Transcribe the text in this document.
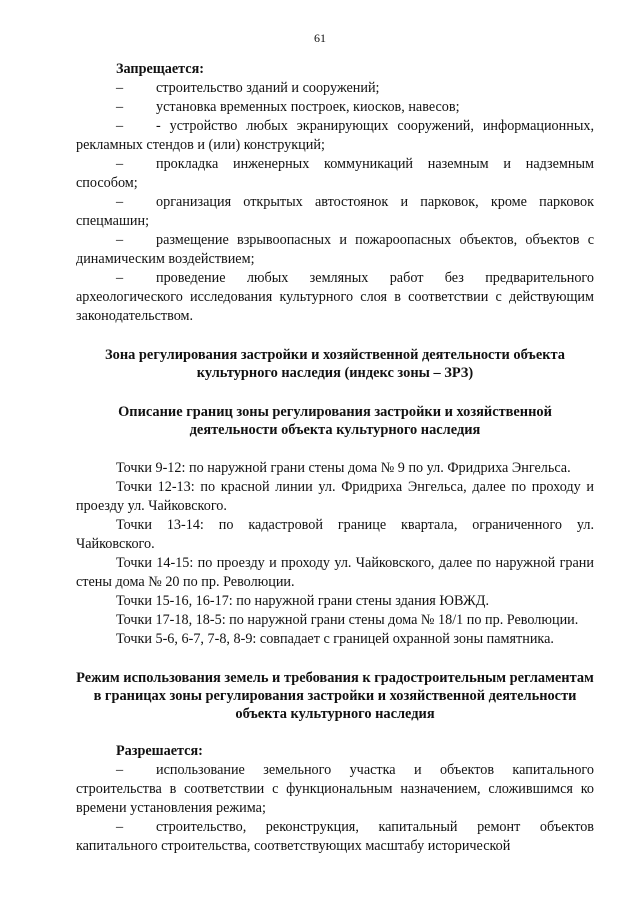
61

Запрещается:

– строительство зданий и сооружений;

– установка временных построек, киосков, навесов;

– - устройство любых экранирующих сооружений, информационных, рекламных стендов и (или) конструкций;

– прокладка инженерных коммуникаций наземным и надземным способом;

– организация открытых автостоянок и парковок, кроме парковок спецмашин;

– размещение взрывоопасных и пожароопасных объектов, объектов с динамическим воздействием;

– проведение любых земляных работ без предварительного археологического исследования культурного слоя в соответствии с действующим законодательством.

Зона регулирования застройки и хозяйственной деятельности объекта культурного наследия (индекс зоны – ЗРЗ)

Описание границ зоны регулирования застройки и хозяйственной деятельности объекта культурного наследия

Точки 9-12: по наружной грани стены дома № 9 по ул. Фридриха Энгельса.

Точки 12-13: по красной линии ул. Фридриха Энгельса, далее по проходу и проезду ул. Чайковского.

Точки 13-14: по кадастровой границе квартала, ограниченного ул. Чайковского.

Точки 14-15: по проезду и проходу ул. Чайковского, далее по наружной грани стены дома № 20 по пр. Революции.

Точки 15-16, 16-17: по наружной грани стены здания ЮВЖД.

Точки 17-18, 18-5: по наружной грани стены дома № 18/1 по пр. Революции.

Точки 5-6, 6-7, 7-8, 8-9: совпадает с границей охранной зоны памятника.

Режим использования земель и требования к градостроительным регламентам в границах зоны регулирования застройки и хозяйственной деятельности объекта культурного наследия

Разрешается:

– использование земельного участка и объектов капитального строительства в соответствии с функциональным назначением, сложившимся ко времени установления режима;

– строительство, реконструкция, капитальный ремонт объектов капитального строительства, соответствующих масштабу исторической
